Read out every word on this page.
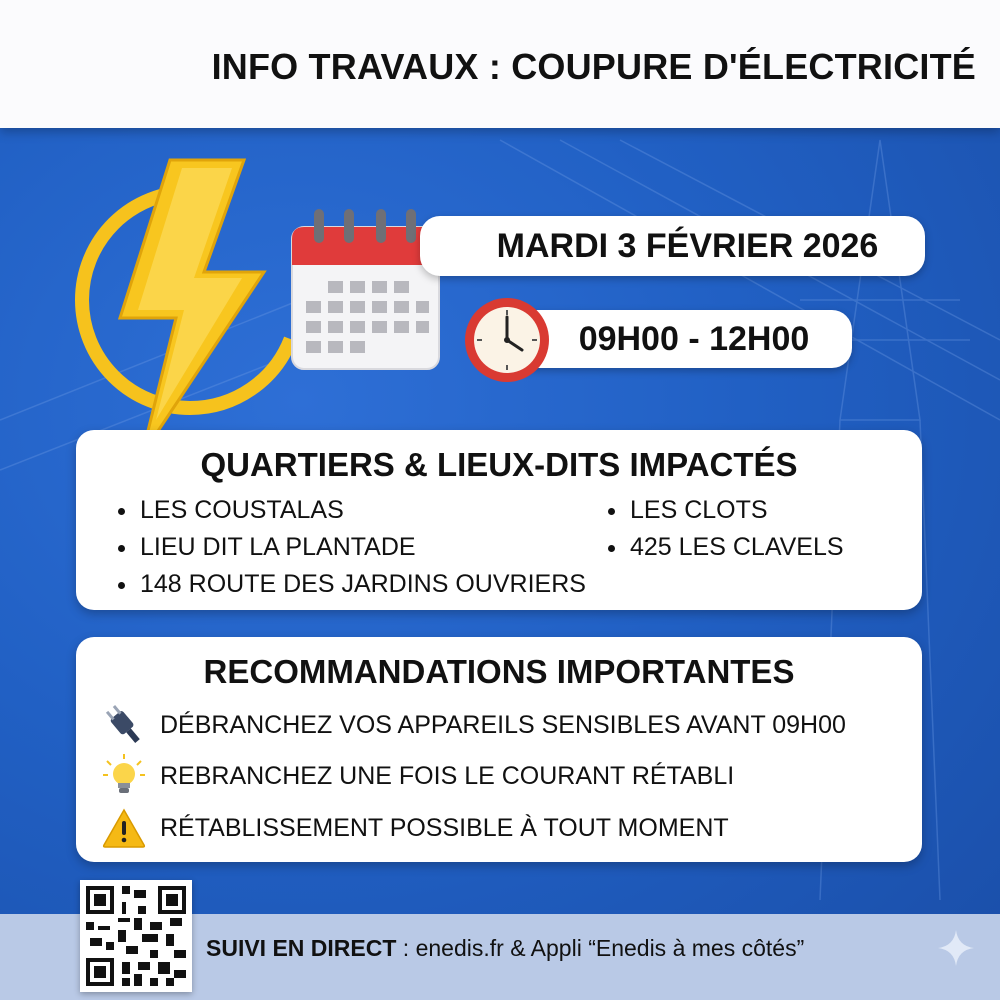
INFO TRAVAUX : COUPURE D'ÉLECTRICITÉ
MARDI 3 FÉVRIER 2026
09H00 - 12H00
QUARTIERS & LIEUX-DITS IMPACTÉS
LES COUSTALAS
LIEU DIT LA PLANTADE
148 ROUTE DES JARDINS OUVRIERS
LES CLOTS
425 LES CLAVELS
RECOMMANDATIONS IMPORTANTES
DÉBRANCHEZ VOS APPAREILS SENSIBLES AVANT 09H00
REBRANCHEZ UNE FOIS LE COURANT RÉTABLI
RÉTABLISSEMENT POSSIBLE À TOUT MOMENT
SUIVI EN DIRECT : enedis.fr & Appli “Enedis à mes côtés”
